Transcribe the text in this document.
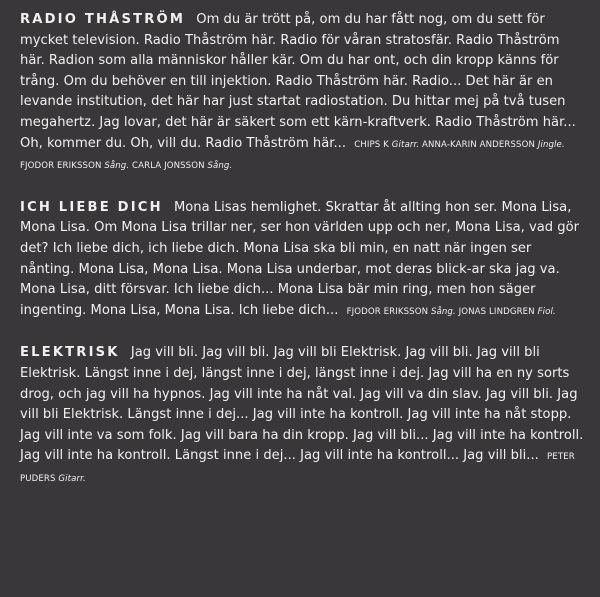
RADIO THÅSTRÖM Om du är trött på, om du har fått nog, om du sett för mycket television. Radio Thåström här. Radio för våran stratosfär. Radio Thåström här. Radion som alla människor håller kär. Om du har ont, och din kropp känns för trång. Om du behöver en till injektion. Radio Thåström här. Radio... Det här är en levande institution, det här har just startat radiostation. Du hittar mej på två tusen megahertz. Jag lovar, det här är säkert som ett kärn-kraftverk. Radio Thåström här... Oh, kommer du. Oh, vill du. Radio Thåström här... CHIPS K Gitarr. ANNA-KARIN ANDERSSON Jingle. FJODOR ERIKSSON Sång. CARLA JONSSON Sång.

ICH LIEBE DICH Mona Lisas hemlighet. Skrattar åt allting hon ser. Mona Lisa, Mona Lisa. Om Mona Lisa trillar ner, ser hon världen upp och ner, Mona Lisa, vad gör det? Ich liebe dich, ich liebe dich. Mona Lisa ska bli min, en natt när ingen ser nånting. Mona Lisa, Mona Lisa. Mona Lisa underbar, mot deras blick-ar ska jag va. Mona Lisa, ditt försvar. Ich liebe dich... Mona Lisa bär min ring, men hon säger ingenting. Mona Lisa, Mona Lisa. Ich liebe dich... FJODOR ERIKSSON Sång. JONAS LINDGREN Fiol.

ELEKTRISK Jag vill bli. Jag vill bli. Jag vill bli Elektrisk. Jag vill bli. Jag vill bli Elektrisk. Längst inne i dej, längst inne i dej, längst inne i dej. Jag vill ha en ny sorts drog, och jag vill ha hypnos. Jag vill inte ha nåt val. Jag vill va din slav. Jag vill bli. Jag vill bli Elektrisk. Längst inne i dej... Jag vill inte ha kontroll. Jag vill inte ha nåt stopp. Jag vill inte va som folk. Jag vill bara ha din kropp. Jag vill bli... Jag vill inte ha kontroll. Jag vill inte ha kontroll. Längst inne i dej... Jag vill inte ha kontroll... Jag vill bli... PETER PUDERS Gitarr.
